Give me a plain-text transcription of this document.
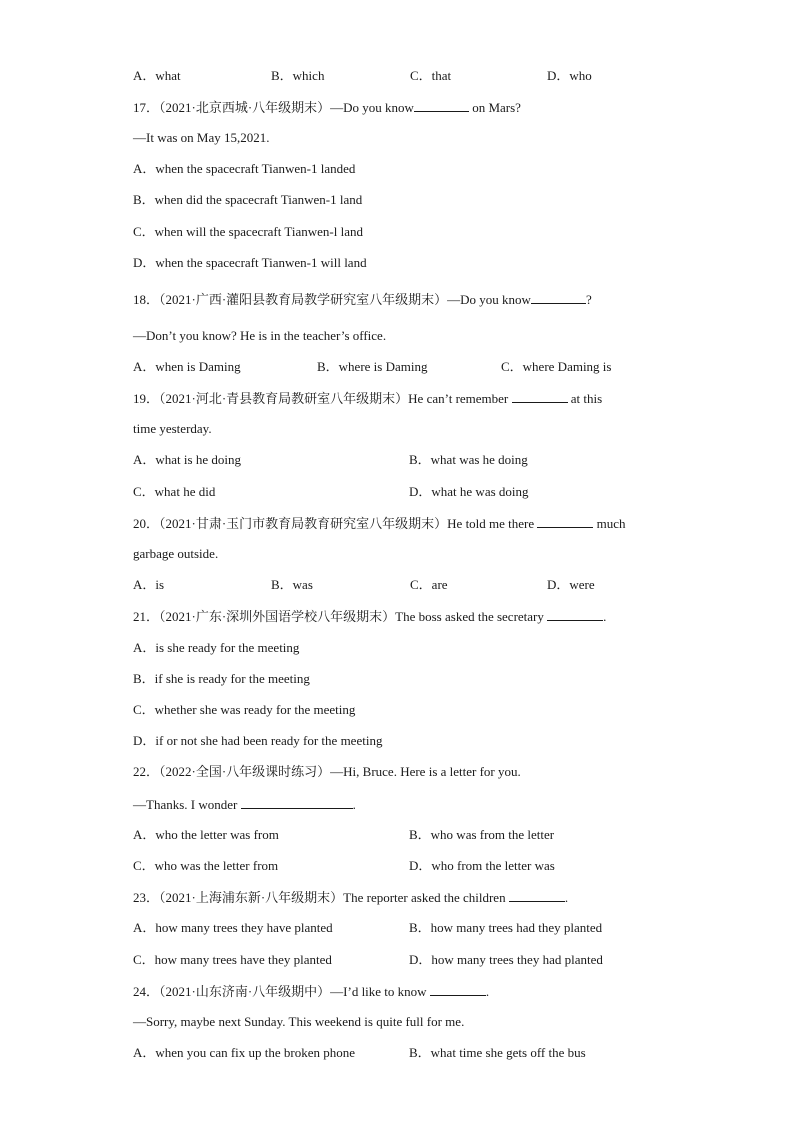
A．what	B．which	C．that	D．who
17．（2021·北京西城·八年级期末）—Do you know	on Mars?
—It was on May 15,2021.
A．when the spacecraft Tianwen-1 landed
B．when did the spacecraft Tianwen-1 land
C．when will the spacecraft Tianwen-l land
D．when the spacecraft Tianwen-1 will land
18．（2021·广西·灌阳县教育局教学研究室八年级期末）—Do you know	?
—Don’t you know? He is in the teacher’s office.
A．when is Daming	B．where is Daming	C．where Daming is
19．（2021·河北·青县教育局教研室八年级期末）He can’t remember	at this
time yesterday.
A．what is he doing	B．what was he doing
C．what he did	D．what he was doing
20．（2021·甘肃·玉门市教育局教育研究室八年级期末）He told me there	much
garbage outside.
A．is	B．was	C．are	D．were
21．（2021·广东·深圳外国语学校八年级期末）The boss asked the secretary	.
A．is she ready for the meeting
B．if she is ready for the meeting
C．whether she was ready for the meeting
D．if or not she had been ready for the meeting
22．（2022·全国·八年级课时练习）—Hi, Bruce. Here is a letter for you.
—Thanks. I wonder	.
A．who the letter was from	B．who was from the letter
C．who was the letter from	D．who from the letter was
23．（2021·上海浦东新·八年级期末）The reporter asked the children	.
A．how many trees they have planted	B．how many trees had they planted
C．how many trees have they planted	D．how many trees they had planted
24．（2021·山东济南·八年级期中）—I’d like to know	.
—Sorry, maybe next Sunday. This weekend is quite full for me.
A．when you can fix up the broken phone	B．what time she gets off the bus
